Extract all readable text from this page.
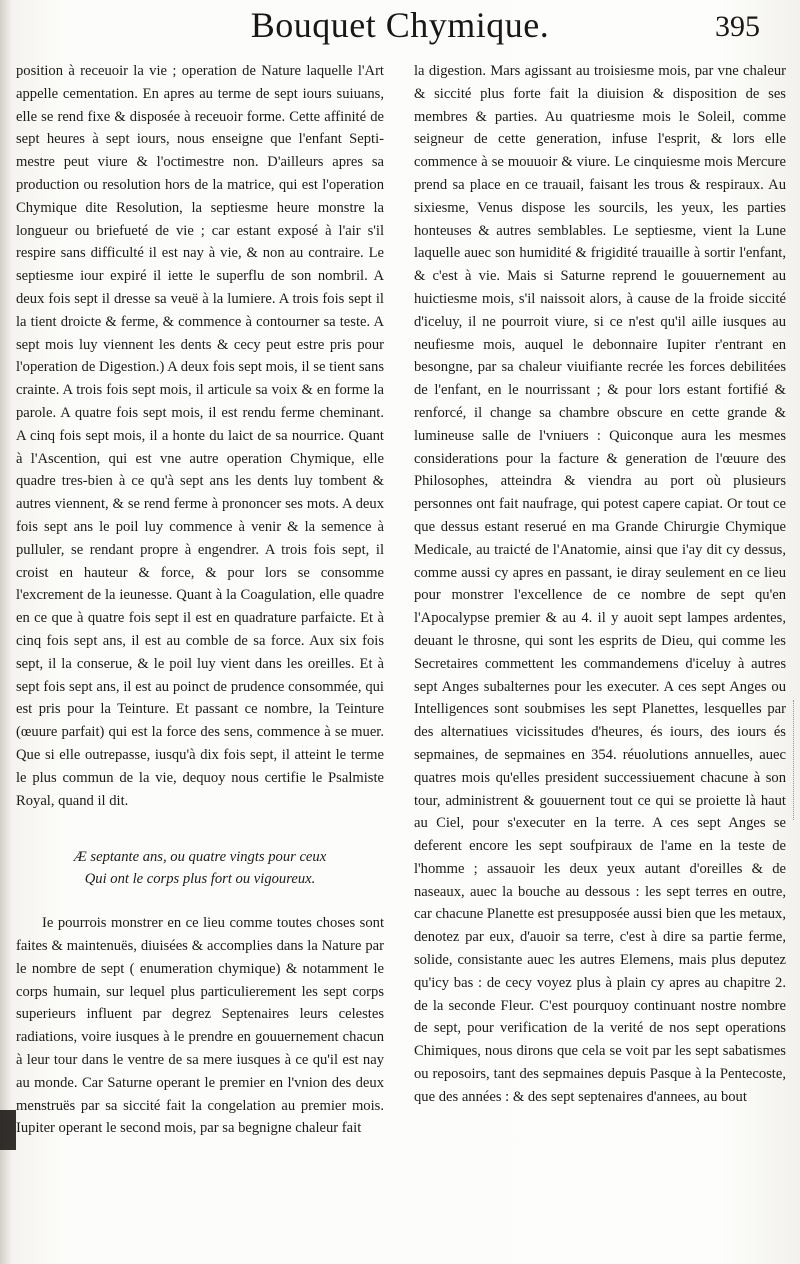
Bouquet Chymique.	395

position à receuoir la vie ; operation de Nature laquelle l'Art appelle cementation. En apres au terme de sept iours suiuans, elle se rend fixe & disposée à receuoir forme. Cette affinité de sept heures à sept iours, nous enseigne que l'enfant Septi-mestre peut viure & l'octimestre non. D'ailleurs apres sa production ou resolution hors de la matrice, qui est l'operation Chymique dite Resolution, la septiesme heure monstre la longueur ou briefueté de vie ; car estant exposé à l'air s'il respire sans difficulté il est nay à vie, & non au contraire. Le septiesme iour expiré il iette le superflu de son nombril. A deux fois sept il dresse sa veuë à la lumiere. A trois fois sept il la tient droicte & ferme, & commence à contourner sa teste. A sept mois luy viennent les dents & cecy peut estre pris pour l'operation de Digestion.) A deux fois sept mois, il se tient sans crainte. A trois fois sept mois, il articule sa voix & en forme la parole. A quatre fois sept mois, il est rendu ferme cheminant. A cinq fois sept mois, il a honte du laict de sa nourrice. Quant à l'Ascention, qui est vne autre operation Chymique, elle quadre tres-bien à ce qu'à sept ans les dents luy tombent & autres viennent, & se rend ferme à prononcer ses mots. A deux fois sept ans le poil luy commence à venir & la semence à pulluler, se rendant propre à engendrer. A trois fois sept, il croist en hauteur & force, & pour lors se consomme l'excrement de la ieunesse. Quant à la Coagulation, elle quadre en ce que à quatre fois sept il est en quadrature parfaicte. Et à cinq fois sept ans, il est au comble de sa force. Aux six fois sept, il la conserue, & le poil luy vient dans les oreilles. Et à sept fois sept ans, il est au poinct de prudence consommée, qui est pris pour la Teinture. Et passant ce nombre, la Teinture (œuure parfait) qui est la force des sens, commence à se muer. Que si elle outrepasse, iusqu'à dix fois sept, il atteint le terme le plus commun de la vie, dequoy nous certifie le Psalmiste Royal, quand il dit.

Æ septante ans, ou quatre vingts pour ceux
Qui ont le corps plus fort ou vigoureux.

Ie pourrois monstrer en ce lieu comme toutes choses sont faites & maintenuës, diuisées & accomplies dans la Nature par le nombre de sept ( enumeration chymique) & notamment le corps humain, sur lequel plus particulierement les sept corps superieurs influent par degrez Septenaires leurs celestes radiations, voire iusques à le prendre en gouuernement chacun à leur tour dans le ventre de sa mere iusques à ce qu'il est nay au monde. Car Saturne operant le premier en l'vnion des deux menstruës par sa siccité fait la congelation au premier mois. Iupiter operant le second mois, par sa begnigne chaleur fait

la digestion. Mars agissant au troisiesme mois, par vne chaleur & siccité plus forte fait la diuision & disposition de ses membres & parties. Au quatriesme mois le Soleil, comme seigneur de cette generation, infuse l'esprit, & lors elle commence à se mouuoir & viure. Le cinquiesme mois Mercure prend sa place en ce trauail, faisant les trous & respiraux. Au sixiesme, Venus dispose les sourcils, les yeux, les parties honteuses & autres semblables. Le septiesme, vient la Lune laquelle auec son humidité & frigidité trauaille à sortir l'enfant, & c'est à vie. Mais si Saturne reprend le gouuernement au huictiesme mois, s'il naissoit alors, à cause de la froide siccité d'iceluy, il ne pourroit viure, si ce n'est qu'il aille iusques au neufiesme mois, auquel le debonnaire Iupiter r'entrant en besongne, par sa chaleur viuifiante recrée les forces debilitées de l'enfant, en le nourrissant ; & pour lors estant fortifié & renforcé, il change sa chambre obscure en cette grande & lumineuse salle de l'vniuers : Quiconque aura les mesmes considerations pour la facture & generation de l'œuure des Philosophes, atteindra & viendra au port où plusieurs personnes ont fait naufrage, qui potest capere capiat. Or tout ce que dessus estant reserué en ma Grande Chirurgie Chymique Medicale, au traicté de l'Anatomie, ainsi que i'ay dit cy dessus, comme aussi cy apres en passant, ie diray seulement en ce lieu pour monstrer l'excellence de ce nombre de sept qu'en l'Apocalypse premier & au 4. il y auoit sept lampes ardentes, deuant le throsne, qui sont les esprits de Dieu, qui comme les Secretaires commettent les commandemens d'iceluy à autres sept Anges subalternes pour les executer. A ces sept Anges ou Intelligences sont soubmises les sept Planettes, lesquelles par des alternatiues vicissitudes d'heures, és iours, des iours és sepmaines, de sepmaines en 354. réuolutions annuelles, auec quatres mois qu'elles president successiuement chacune à son tour, administrent & gouuernent tout ce qui se proiette là haut au Ciel, pour s'executer en la terre. A ces sept Anges se deferent encore les sept soufpiraux de l'ame en la teste de l'homme ; assauoir les deux yeux autant d'oreilles & de naseaux, auec la bouche au dessous : les sept terres en outre, car chacune Planette est presupposée aussi bien que les metaux, denotez par eux, d'auoir sa terre, c'est à dire sa partie ferme, solide, consistante auec les autres Elemens, mais plus deputez qu'icy bas : de cecy voyez plus à plain cy apres au chapitre 2. de la seconde Fleur. C'est pourquoy continuant nostre nombre de sept, pour verification de la verité de nos sept operations Chimiques, nous dirons que cela se voit par les sept sabatismes ou reposoirs, tant des sepmaines depuis Pasque à la Pentecoste, que des années : & des sept septenaires d'annees, au bout
